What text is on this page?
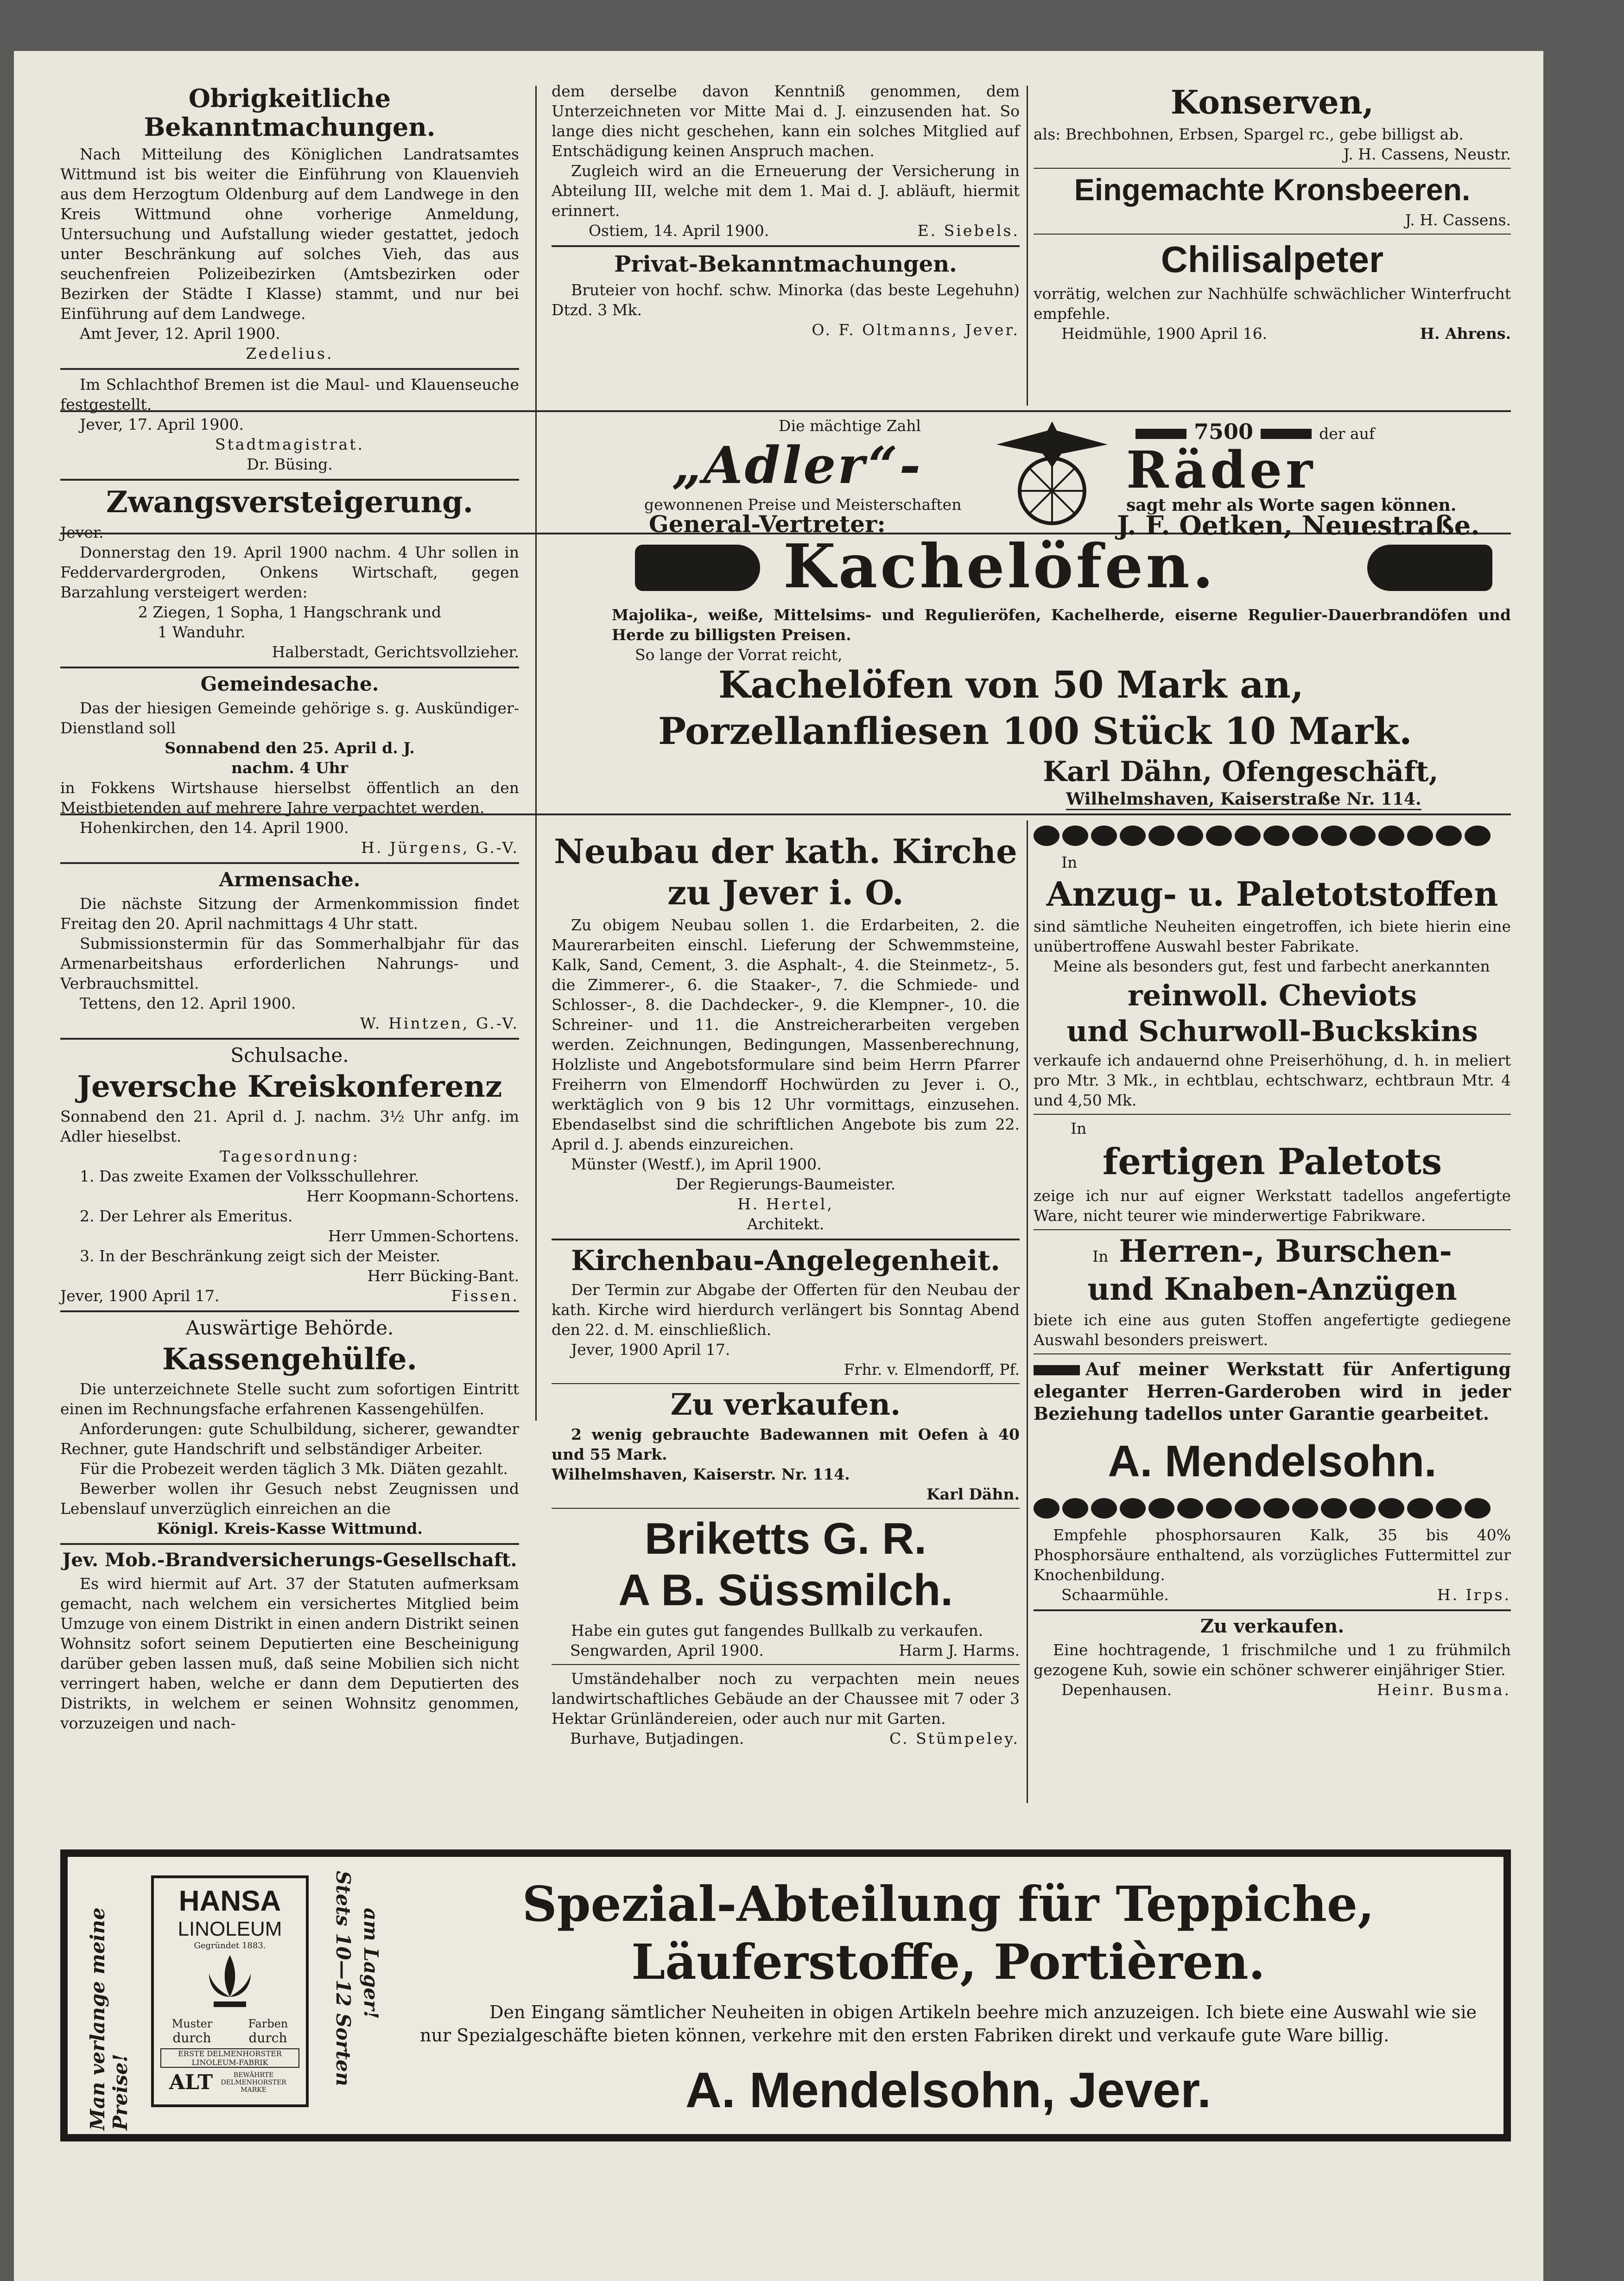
Obrigkeitliche Bekanntmachungen.

Nach Mitteilung des Königlichen Landratsamtes Wittmund ist bis weiter die Einführung von Klauenvieh aus dem Herzogtum Oldenburg auf dem Landwege in den Kreis Wittmund ohne vorherige Anmeldung, Untersuchung und Aufstallung wieder gestattet, jedoch unter Beschränkung auf solches Vieh, das aus seuchenfreien Polizeibezirken (Amtsbezirken oder Bezirken der Städte I Klasse) stammt, und nur bei Einführung auf dem Landwege.

Amt Jever, 12. April 1900.

Zedelius.

Im Schlachthof Bremen ist die Maul- und Klauenseuche festgestellt.

Jever, 17. April 1900.

Stadtmagistrat.

Dr. Büsing.

Zwangsversteigerung.

Jever.

Donnerstag den 19. April 1900 nachm. 4 Uhr sollen in Feddervardergroden, Onkens Wirtschaft, gegen Barzahlung versteigert werden:

2 Ziegen, 1 Sopha, 1 Hangschrank und

1 Wanduhr.

Halberstadt, Gerichtsvollzieher.

Gemeindesache.

Das der hiesigen Gemeinde gehörige s. g. Auskündiger-Dienstland soll

Sonnabend den 25. April d. J.

nachm. 4 Uhr

in Fokkens Wirtshause hierselbst öffentlich an den Meistbietenden auf mehrere Jahre verpachtet werden.

Hohenkirchen, den 14. April 1900.

H. Jürgens, G.-V.

Armensache.

Die nächste Sitzung der Armenkommission findet Freitag den 20. April nachmittags 4 Uhr statt.

Submissionstermin für das Sommerhalbjahr für das Armenarbeitshaus erforderlichen Nahrungs- und Verbrauchsmittel.

Tettens, den 12. April 1900.

W. Hintzen, G.-V.

Schulsache.
Jeversche Kreiskonferenz

Sonnabend den 21. April d. J. nachm. 3½ Uhr anfg. im Adler hieselbst.

Tagesordnung:

1. Das zweite Examen der Volksschullehrer.

Herr Koopmann-Schortens.

2. Der Lehrer als Emeritus.

Herr Ummen-Schortens.

3. In der Beschränkung zeigt sich der Meister.

Herr Bücking-Bant.

Jever, 1900 April 17.	Fissen.
Auswärtige Behörde.
Kassengehülfe.

Die unterzeichnete Stelle sucht zum sofortigen Eintritt einen im Rechnungsfache erfahrenen Kassengehülfen.

Anforderungen: gute Schulbildung, sicherer, gewandter Rechner, gute Handschrift und selbständiger Arbeiter.

Für die Probezeit werden täglich 3 Mk. Diäten gezahlt.

Bewerber wollen ihr Gesuch nebst Zeugnissen und Lebenslauf unverzüglich einreichen an die

Königl. Kreis-Kasse Wittmund.

Jev. Mob.-Brandversicherungs-Gesellschaft.

Es wird hiermit auf Art. 37 der Statuten aufmerksam gemacht, nach welchem ein versichertes Mitglied beim Umzuge von einem Distrikt in einen andern Distrikt seinen Wohnsitz sofort seinem Deputierten eine Bescheinigung darüber geben lassen muß, daß seine Mobilien sich nicht verringert haben, welche er dann dem Deputierten des Distrikts, in welchem er seinen Wohnsitz genommen, vorzuzeigen und nach-

dem derselbe davon Kenntniß genommen, dem Unterzeichneten vor Mitte Mai d. J. einzusenden hat. So lange dies nicht geschehen, kann ein solches Mitglied auf Entschädigung keinen Anspruch machen.

Zugleich wird an die Erneuerung der Versicherung in Abteilung III, welche mit dem 1. Mai d. J. abläuft, hiermit erinnert.

Ostiem, 14. April 1900.	E. Siebels.
Privat-Bekanntmachungen.

Bruteier von hochf. schw. Minorka (das beste Legehuhn) Dtzd. 3 Mk.

O. F. Oltmanns, Jever.

Konserven,

als: Brechbohnen, Erbsen, Spargel rc., gebe billigst ab.

J. H. Cassens, Neustr.

Eingemachte Kronsbeeren.

J. H. Cassens.

Chilisalpeter

vorrätig, welchen zur Nachhülfe schwächlicher Winterfrucht empfehle.

Heidmühle, 1900 April 16.	H. Ahrens.
Die mächtige Zahl
„Adler“-
gewonnenen Preise und Meisterschaften
General-Vertreter:
7500	der auf
Räder
sagt mehr als Worte sagen können.
J. F. Oetken, Neuestraße.
Kachelöfen.

Majolika-, weiße, Mittelsims- und Regulieröfen, Kachelherde, eiserne Regulier-Dauerbrandöfen und Herde zu billigsten Preisen.

So lange der Vorrat reicht,

Kachelöfen von 50 Mark an,
Porzellanfliesen 100 Stück 10 Mark.
Karl Dähn, Ofengeschäft,
Wilhelmshaven, Kaiserstraße Nr. 114.
Neubau der kath. Kirche
zu Jever i. O.

Zu obigem Neubau sollen 1. die Erdarbeiten, 2. die Maurerarbeiten einschl. Lieferung der Schwemmsteine, Kalk, Sand, Cement, 3. die Asphalt-, 4. die Steinmetz-, 5. die Zimmerer-, 6. die Staaker-, 7. die Schmiede- und Schlosser-, 8. die Dachdecker-, 9. die Klempner-, 10. die Schreiner- und 11. die Anstreicherarbeiten vergeben werden. Zeichnungen, Bedingungen, Massenberechnung, Holzliste und Angebotsformulare sind beim Herrn Pfarrer Freiherrn von Elmendorff Hochwürden zu Jever i. O., werktäglich von 9 bis 12 Uhr vormittags, einzusehen. Ebendaselbst sind die schriftlichen Angebote bis zum 22. April d. J. abends einzureichen.

Münster (Westf.), im April 1900.

Der Regierungs-Baumeister.

H. Hertel,

Architekt.

Kirchenbau-Angelegenheit.

Der Termin zur Abgabe der Offerten für den Neubau der kath. Kirche wird hierdurch verlängert bis Sonntag Abend den 22. d. M. einschließlich.

Jever, 1900 April 17.

Frhr. v. Elmendorff, Pf.

Zu verkaufen.

2 wenig gebrauchte Badewannen mit Oefen à 40 und 55 Mark.

Wilhelmshaven, Kaiserstr. Nr. 114.

Karl Dähn.

Briketts G. R.
A B. Süssmilch.

Habe ein gutes gut fangendes Bullkalb zu verkaufen.

Sengwarden, April 1900.	Harm J. Harms.

Umständehalber noch zu verpachten mein neues landwirtschaftliches Gebäude an der Chaussee mit 7 oder 3 Hektar Grünländereien, oder auch nur mit Garten.

Burhave, Butjadingen.	C. Stümpeley.

In

Anzug- u. Paletotstoffen

sind sämtliche Neuheiten eingetroffen, ich biete hierin eine unübertroffene Auswahl bester Fabrikate.

Meine als besonders gut, fest und farbecht anerkannten

reinwoll. Cheviots
und Schurwoll-Buckskins

verkaufe ich andauernd ohne Preiserhöhung, d. h. in meliert pro Mtr. 3 Mk., in echtblau, echtschwarz, echtbraun Mtr. 4 und 4,50 Mk.

In

fertigen Paletots

zeige ich nur auf eigner Werkstatt tadellos angefertigte Ware, nicht teurer wie minderwertige Fabrikware.

In Herren-, Burschen-
und Knaben-Anzügen

biete ich eine aus guten Stoffen angefertigte gediegene Auswahl besonders preiswert.

Auf meiner Werkstatt für Anfertigung eleganter Herren-Garderoben wird in jeder Beziehung tadellos unter Garantie gearbeitet.

A. Mendelsohn.

Empfehle phosphorsauren Kalk, 35 bis 40% Phosphorsäure enthaltend, als vorzügliches Futtermittel zur Knochenbildung.

Schaarmühle.	H. Irps.
Zu verkaufen.

Eine hochtragende, 1 frischmilche und 1 zu frühmilch gezogene Kuh, sowie ein schöner schwerer einjähriger Stier.

Depenhausen.	Heinr. Busma.
Man verlange meine Preise!
HANSA
LINOLEUM
Gegründet 1883.
Muster	Farben
durch	durch
ERSTE DELMENHORSTER LINOLEUM-FABRIK
ALT	BEWÄHRTE DELMENHORSTER MARKE
Stets 10—12 Sorten am Lager!
Spezial-Abteilung für Teppiche,
Läuferstoffe, Portièren.

Den Eingang sämtlicher Neuheiten in obigen Artikeln beehre mich anzuzeigen. Ich biete eine Auswahl wie sie nur Spezialgeschäfte bieten können, verkehre mit den ersten Fabriken direkt und verkaufe gute Ware billig.

A. Mendelsohn, Jever.
